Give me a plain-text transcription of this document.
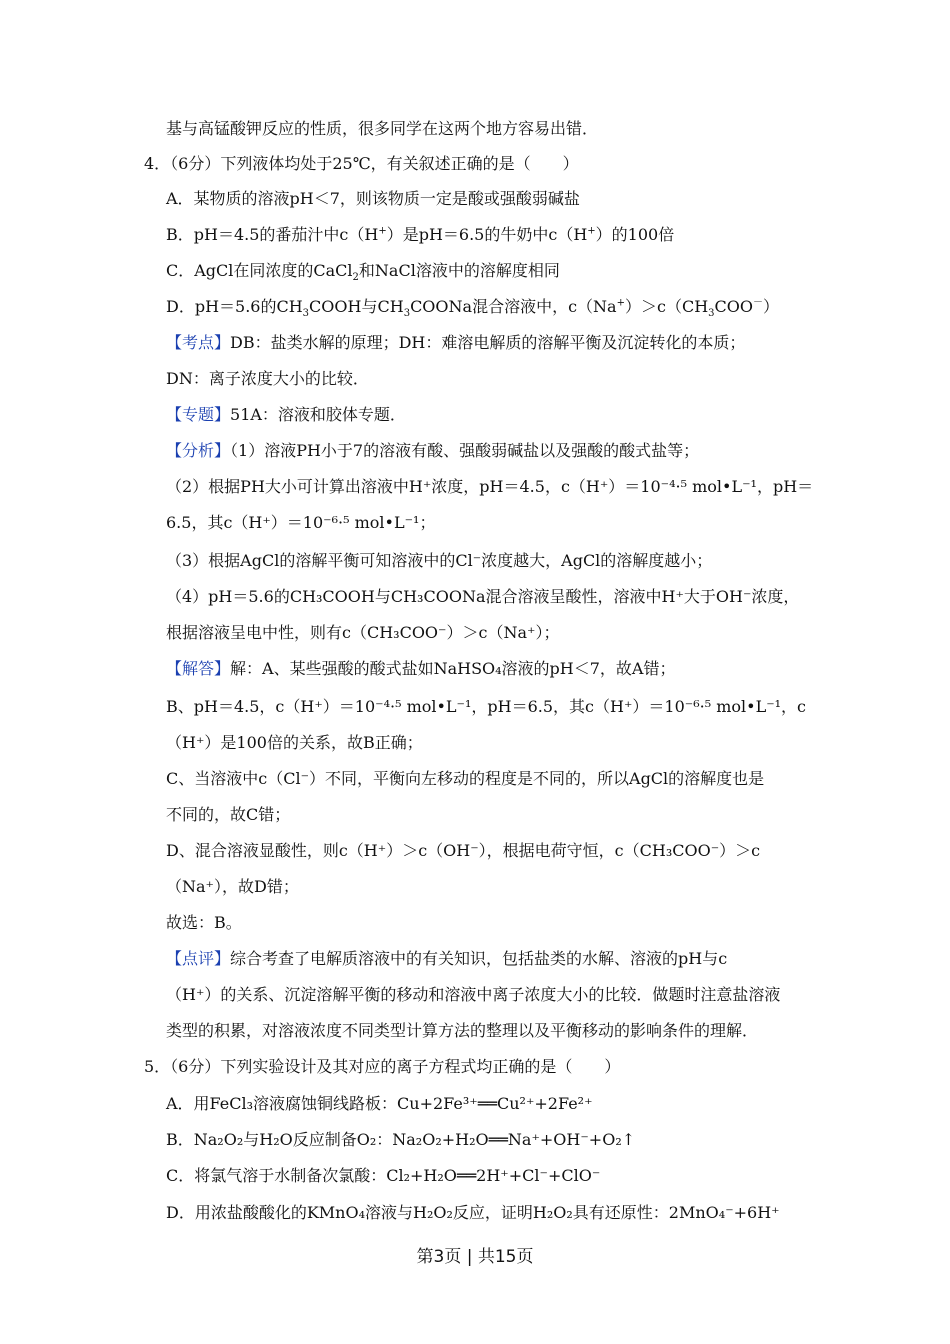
基与高锰酸钾反应的性质，很多同学在这两个地方容易出错．
4．（6分）下列液体均处于25℃，有关叙述正确的是（　　）
A．某物质的溶液pH＜7，则该物质一定是酸或强酸弱碱盐
B．pH＝4.5的番茄汁中c（H+）是pH＝6.5的牛奶中c（H+）的100倍
C．AgCl在同浓度的CaCl$_2$和NaCl溶液中的溶解度相同
D．pH＝5.6的$CH_3COOH$与$CH_3COONa$混合溶液中，$c(Na^+)>c(CH_3COO^-)$
【考点】DB：盐类水解的原理；DH：难溶电解质的溶解平衡及沉淀转化的本质；
DN：离子浓度大小的比较．
【专题】51A：溶液和胶体专题．
【分析】（1）溶液PH小于7的溶液有酸、强酸弱碱盐以及强酸的酸式盐等；
（2）根据PH大小可计算出溶液中H⁺浓度，pH＝4.5，c（H⁺）＝10⁻⁴·⁵ mol•L⁻¹，pH＝
6.5，其c（H⁺）＝10⁻⁶·⁵ mol•L⁻¹；
（3）根据AgCl的溶解平衡可知溶液中的Cl⁻浓度越大，AgCl的溶解度越小；
（4）pH＝5.6的CH₃COOH与CH₃COONa混合溶液呈酸性，溶液中H⁺大于OH⁻浓度，
根据溶液呈电中性，则有c（CH₃COO⁻）＞c（Na⁺）；
【解答】解：A、某些强酸的酸式盐如NaHSO₄溶液的pH＜7，故A错；
B、pH＝4.5，c（H⁺）＝10⁻⁴·⁵ mol•L⁻¹，pH＝6.5，其c（H⁺）＝10⁻⁶·⁵ mol•L⁻¹，c
（H⁺）是100倍的关系，故B正确；
C、当溶液中c（Cl⁻）不同，平衡向左移动的程度是不同的，所以AgCl的溶解度也是
不同的，故C错；
D、混合溶液显酸性，则c（H⁺）＞c（OH⁻），根据电荷守恒，c（CH₃COO⁻）＞c
（Na⁺），故D错；
故选：B。
【点评】综合考查了电解质溶液中的有关知识，包括盐类的水解、溶液的pH与c
（H⁺）的关系、沉淀溶解平衡的移动和溶液中离子浓度大小的比较．做题时注意盐溶液
类型的积累，对溶液浓度不同类型计算方法的整理以及平衡移动的影响条件的理解．
5．（6分）下列实验设计及其对应的离子方程式均正确的是（　　）
A．用FeCl₃溶液腐蚀铜线路板：Cu+2Fe³⁺══Cu²⁺+2Fe²⁺
B．Na₂O₂与H₂O反应制备O₂：Na₂O₂+H₂O══Na⁺+OH⁻+O₂↑
C．将氯气溶于水制备次氯酸：Cl₂+H₂O══2H⁺+Cl⁻+ClO⁻
D．用浓盐酸酸化的KMnO₄溶液与H₂O₂反应，证明H₂O₂具有还原性：2MnO₄⁻+6H⁺
第3页 | 共15页
